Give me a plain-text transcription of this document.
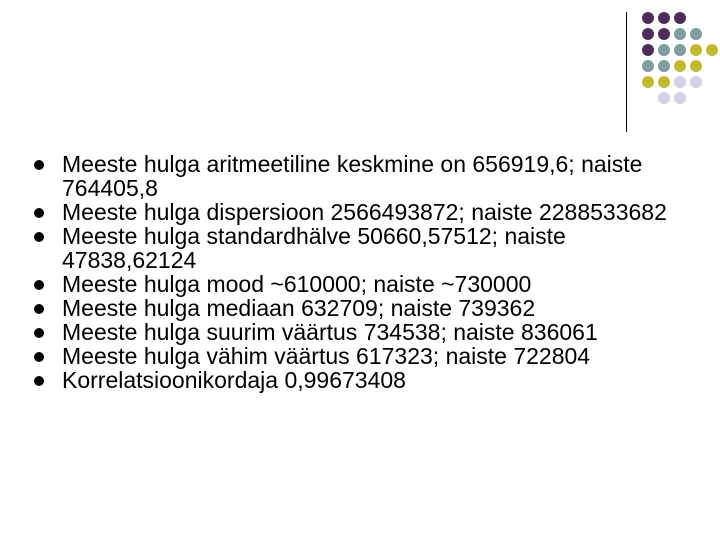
Meeste hulga aritmeetiline keskmine on 656919,6; naiste 764405,8
Meeste hulga dispersioon 2566493872; naiste 2288533682
Meeste hulga standardhälve 50660,57512; naiste 47838,62124
Meeste hulga mood ~610000; naiste ~730000
Meeste hulga mediaan 632709; naiste 739362
Meeste hulga suurim väärtus 734538; naiste 836061
Meeste hulga vähim väärtus 617323; naiste 722804
Korrelatsioonikordaja 0,99673408
